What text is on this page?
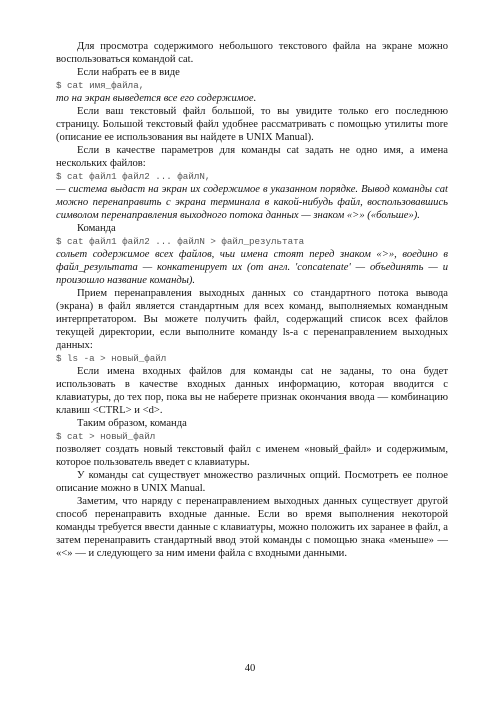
Для просмотра содержимого небольшого текстового файла на экране можно воспользоваться командой cat.

Если набрать ее в виде

$ cat имя_файла,

то на экран выведется все его содержимое.

Если ваш текстовый файл большой, то вы увидите только его последнюю страницу. Большой текстовый файл удобнее рассматривать с помощью утилиты more (описание ее использования вы найдете в UNIX Manual).

Если в качестве параметров для команды cat задать не одно имя, а имена нескольких файлов:

$ cat файл1 файл2 ... файлN,

— система выдаст на экран их содержимое в указанном порядке. Вывод команды cat можно перенаправить с экрана терминала в какой-нибудь файл, воспользовавшись символом перенаправления выходного потока данных — знаком «>» («больше»).

Команда

$ cat файл1 файл2 ... файлN > файл_результата

сольет содержимое всех файлов, чьи имена стоят перед знаком «>», воедино в файл_результата — конкатенирует их (от англ. 'concatenate' — объединять — и произошло название команды).

Прием перенаправления выходных данных со стандартного потока вывода (экрана) в файл является стандартным для всех команд, выполняемых командным интерпретатором. Вы можете получить файл, содержащий список всех файлов текущей директории, если выполните команду ls-a с перенаправлением выходных данных:

$ ls -a > новый_файл

Если имена входных файлов для команды cat не заданы, то она будет использовать в качестве входных данных информацию, которая вводится с клавиатуры, до тех пор, пока вы не наберете признак окончания ввода — комбинацию клавиш <CTRL> и <d>.

Таким образом, команда

$ cat > новый_файл

позволяет создать новый текстовый файл с именем «новый_файл» и содержимым, которое пользователь введет с клавиатуры.

У команды cat существует множество различных опций. Посмотреть ее полное описание можно в UNIX Manual.

Заметим, что наряду с перенаправлением выходных данных существует другой способ перенаправить входные данные. Если во время выполнения некоторой команды требуется ввести данные с клавиатуры, можно положить их заранее в файл, а затем перенаправить стандартный ввод этой команды с помощью знака «меньше» — «<» — и следующего за ним имени файла с входными данными.

40
